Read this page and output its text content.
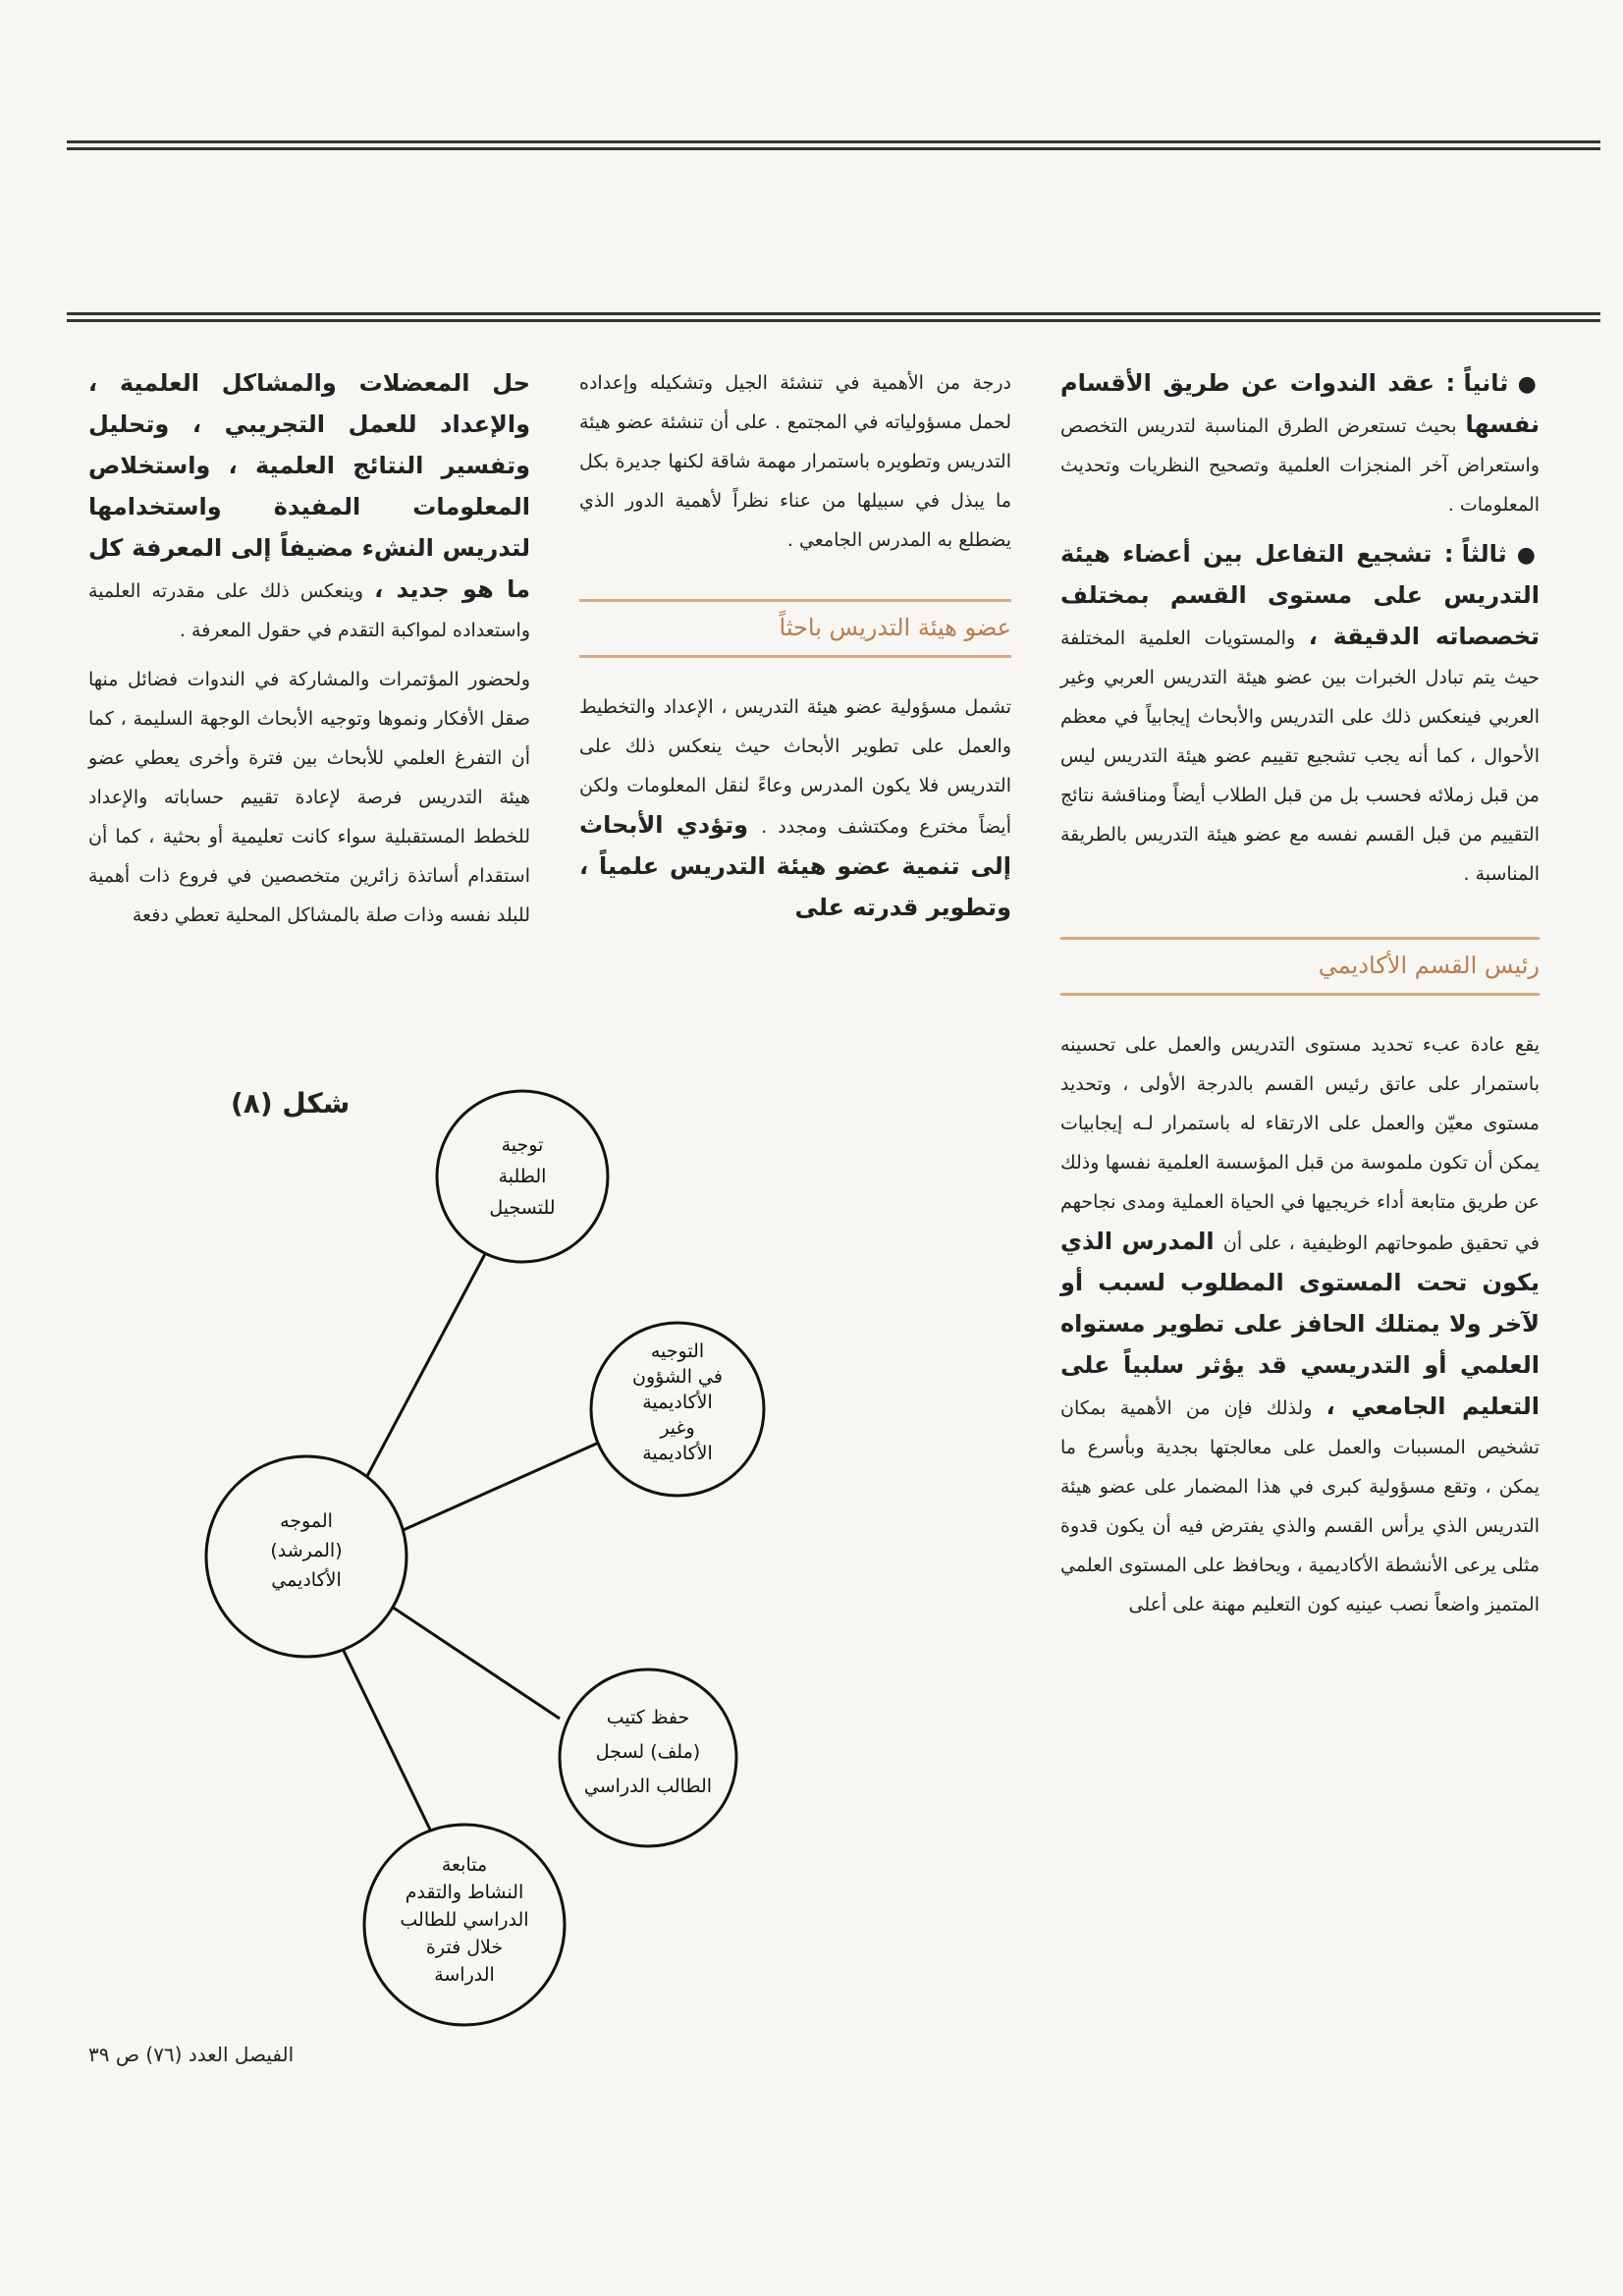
● ثانياً : عقد الندوات عن طريق الأقسام نفسها بحيث تستعرض الطرق المناسبة لتدريس التخصص واستعراض آخر المنجزات العلمية وتصحيح النظريات وتحديث المعلومات .

● ثالثاً : تشجيع التفاعل بين أعضاء هيئة التدريس على مستوى القسم بمختلف تخصصاته الدقيقة ، والمستويات العلمية المختلفة حيث يتم تبادل الخبرات بين عضو هيئة التدريس العربي وغير العربي فينعكس ذلك على التدريس والأبحاث إيجابياً في معظم الأحوال ، كما أنه يجب تشجيع تقييم عضو هيئة التدريس ليس من قبل زملائه فحسب بل من قبل الطلاب أيضاً ومناقشة نتائج التقييم من قبل القسم نفسه مع عضو هيئة التدريس بالطريقة المناسبة .

رئيس القسم الأكاديمي

يقع عادة عبء تحديد مستوى التدريس والعمل على تحسينه باستمرار على عاتق رئيس القسم بالدرجة الأولى ، وتحديد مستوى معيّن والعمل على الارتقاء له باستمرار لـه إيجابيات يمكن أن تكون ملموسة من قبل المؤسسة العلمية نفسها وذلك عن طريق متابعة أداء خريجيها في الحياة العملية ومدى نجاحهم في تحقيق طموحاتهم الوظيفية ، على أن المدرس الذي يكون تحت المستوى المطلوب لسبب أو لآخر ولا يمتلك الحافز على تطوير مستواه العلمي أو التدريسي قد يؤثر سلبياً على التعليم الجامعي ، ولذلك فإن من الأهمية بمكان تشخيص المسببات والعمل على معالجتها بجدية وبأسرع ما يمكن ، وتقع مسؤولية كبرى في هذا المضمار على عضو هيئة التدريس الذي يرأس القسم والذي يفترض فيه أن يكون قدوة مثلى يرعى الأنشطة الأكاديمية ، ويحافظ على المستوى العلمي المتميز واضعاً نصب عينيه كون التعليم مهنة على أعلى

درجة من الأهمية في تنشئة الجيل وتشكيله وإعداده لحمل مسؤولياته في المجتمع . على أن تنشئة عضو هيئة التدريس وتطويره باستمرار مهمة شاقة لكنها جديرة بكل ما يبذل في سبيلها من عناء نظراً لأهمية الدور الذي يضطلع به المدرس الجامعي .

عضو هيئة التدريس باحثاً

تشمل مسؤولية عضو هيئة التدريس ، الإعداد والتخطيط والعمل على تطوير الأبحاث حيث ينعكس ذلك على التدريس فلا يكون المدرس وعاءً لنقل المعلومات ولكن أيضاً مخترع ومكتشف ومجدد . وتؤدي الأبحاث إلى تنمية عضو هيئة التدريس علمياً ، وتطوير قدرته على

حل المعضلات والمشاكل العلمية ، والإعداد للعمل التجريبي ، وتحليل وتفسير النتائج العلمية ، واستخلاص المعلومات المفيدة واستخدامها لتدريس النشء مضيفاً إلى المعرفة كل ما هو جديد ، وينعكس ذلك على مقدرته العلمية واستعداده لمواكبة التقدم في حقول المعرفة .

ولحضور المؤتمرات والمشاركة في الندوات فضائل منها صقل الأفكار ونموها وتوجيه الأبحاث الوجهة السليمة ، كما أن التفرغ العلمي للأبحاث بين فترة وأخرى يعطي عضو هيئة التدريس فرصة لإعادة تقييم حساباته والإعداد للخطط المستقبلية سواء كانت تعليمية أو بحثية ، كما أن استقدام أساتذة زائرين متخصصين في فروع ذات أهمية للبلد نفسه وذات صلة بالمشاكل المحلية تعطي دفعة

شكل (٨)
الموجه
(المرشد)
الأكاديمي
توجية
الطلبة
للتسجيل
التوجيه
في الشؤون
الأكاديمية
وغير
الأكاديمية
حفظ كتيب
(ملف) لسجل
الطالب الدراسي
متابعة
النشاط والتقدم
الدراسي للطالب
خلال فترة
الدراسة
الفيصل العدد (٧٦) ص ٣٩
